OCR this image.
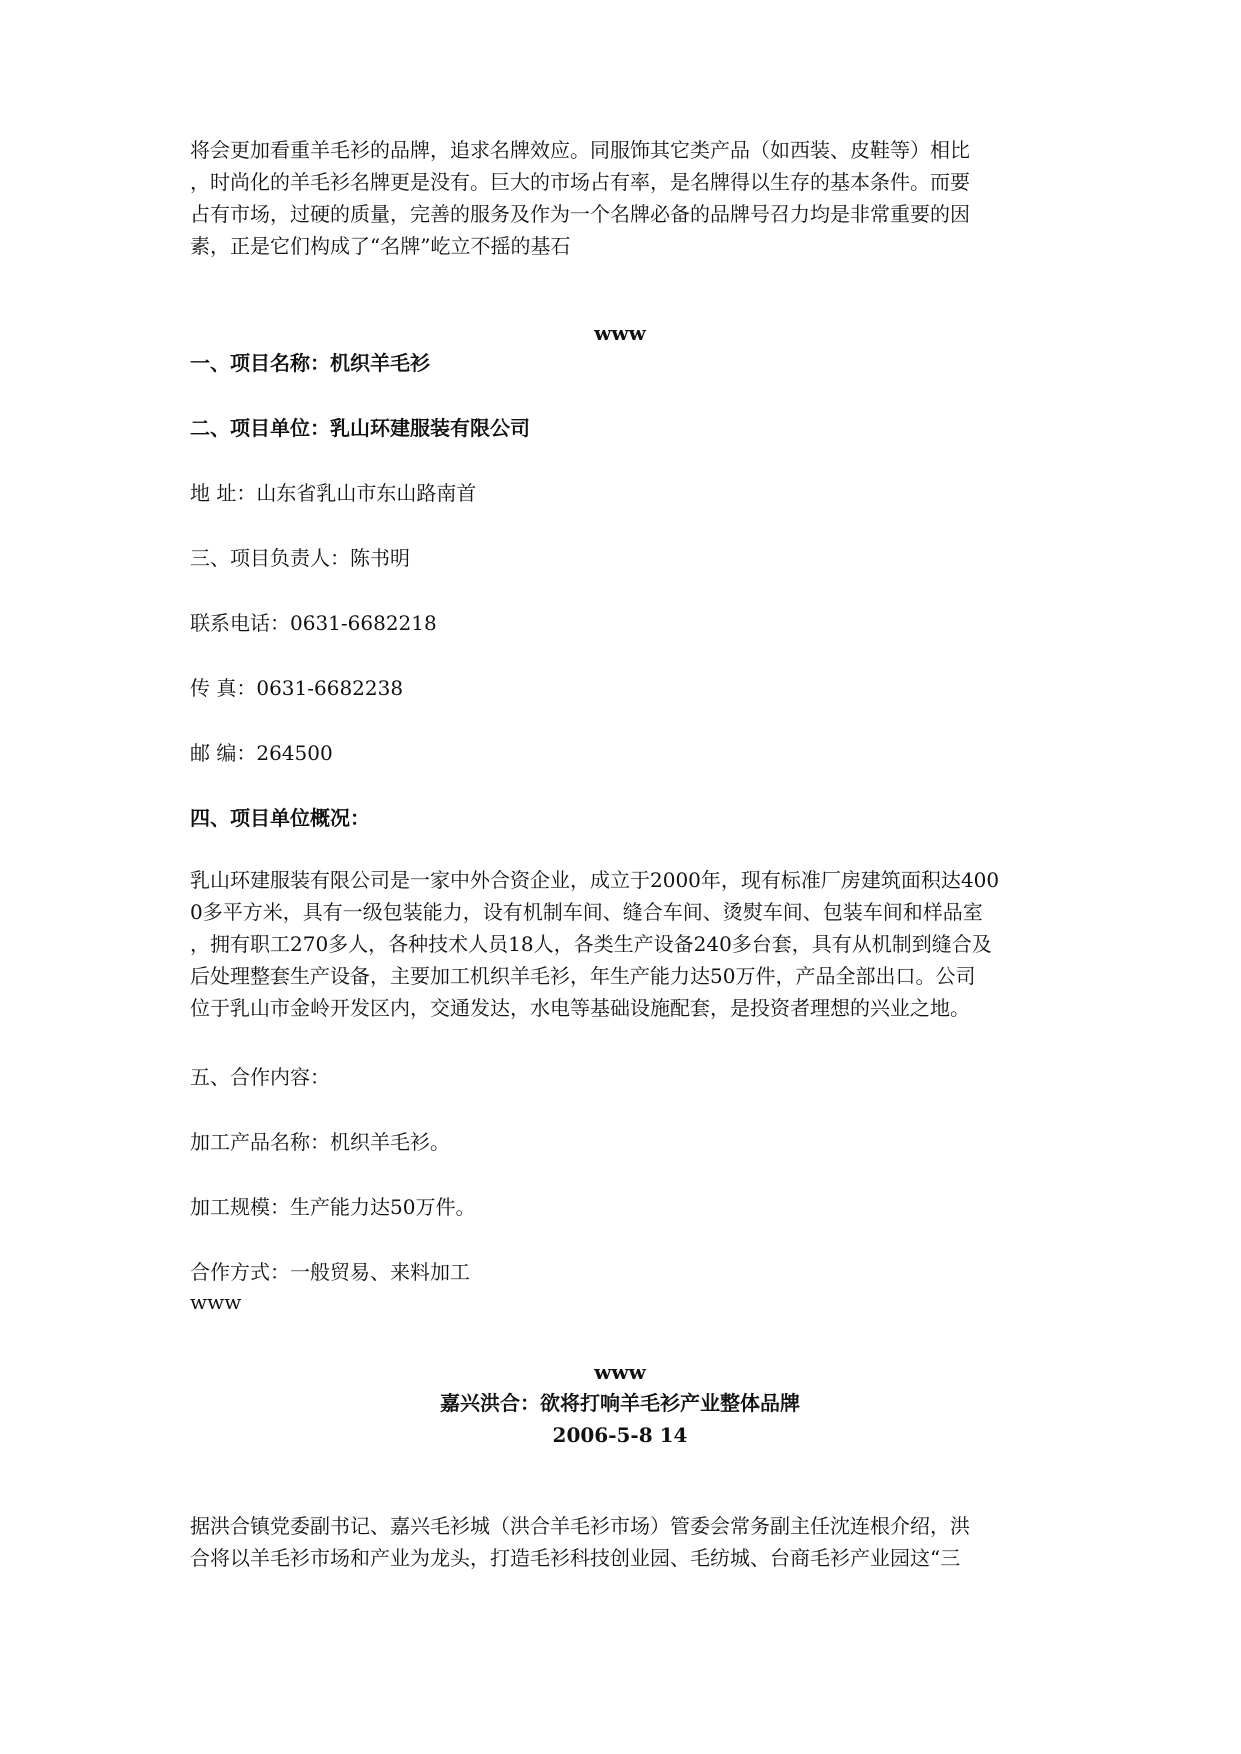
将会更加看重羊毛衫的品牌，追求名牌效应。同服饰其它类产品（如西装、皮鞋等）相比
，时尚化的羊毛衫名牌更是没有。巨大的市场占有率，是名牌得以生存的基本条件。而要
占有市场，过硬的质量，完善的服务及作为一个名牌必备的品牌号召力均是非常重要的因
素，正是它们构成了“名牌”屹立不摇的基石
www
一、项目名称：机织羊毛衫
二、项目单位：乳山环建服装有限公司
地 址：山东省乳山市东山路南首
三、项目负责人：陈书明
联系电话：0631-6682218
传 真：0631-6682238
邮 编：264500
四、项目单位概况：
乳山环建服装有限公司是一家中外合资企业，成立于2000年，现有标准厂房建筑面积达400
0多平方米，具有一级包装能力，设有机制车间、缝合车间、烫熨车间、包装车间和样品室
，拥有职工270多人，各种技术人员18人，各类生产设备240多台套，具有从机制到缝合及
后处理整套生产设备，主要加工机织羊毛衫，年生产能力达50万件，产品全部出口。公司
位于乳山市金岭开发区内，交通发达，水电等基础设施配套，是投资者理想的兴业之地。
五、合作内容：
加工产品名称：机织羊毛衫。
加工规模：生产能力达50万件。
合作方式：一般贸易、来料加工
www
www
嘉兴洪合：欲将打响羊毛衫产业整体品牌
2006-5-8 14
据洪合镇党委副书记、嘉兴毛衫城（洪合羊毛衫市场）管委会常务副主任沈连根介绍，洪
合将以羊毛衫市场和产业为龙头，打造毛衫科技创业园、毛纺城、台商毛衫产业园这“三
